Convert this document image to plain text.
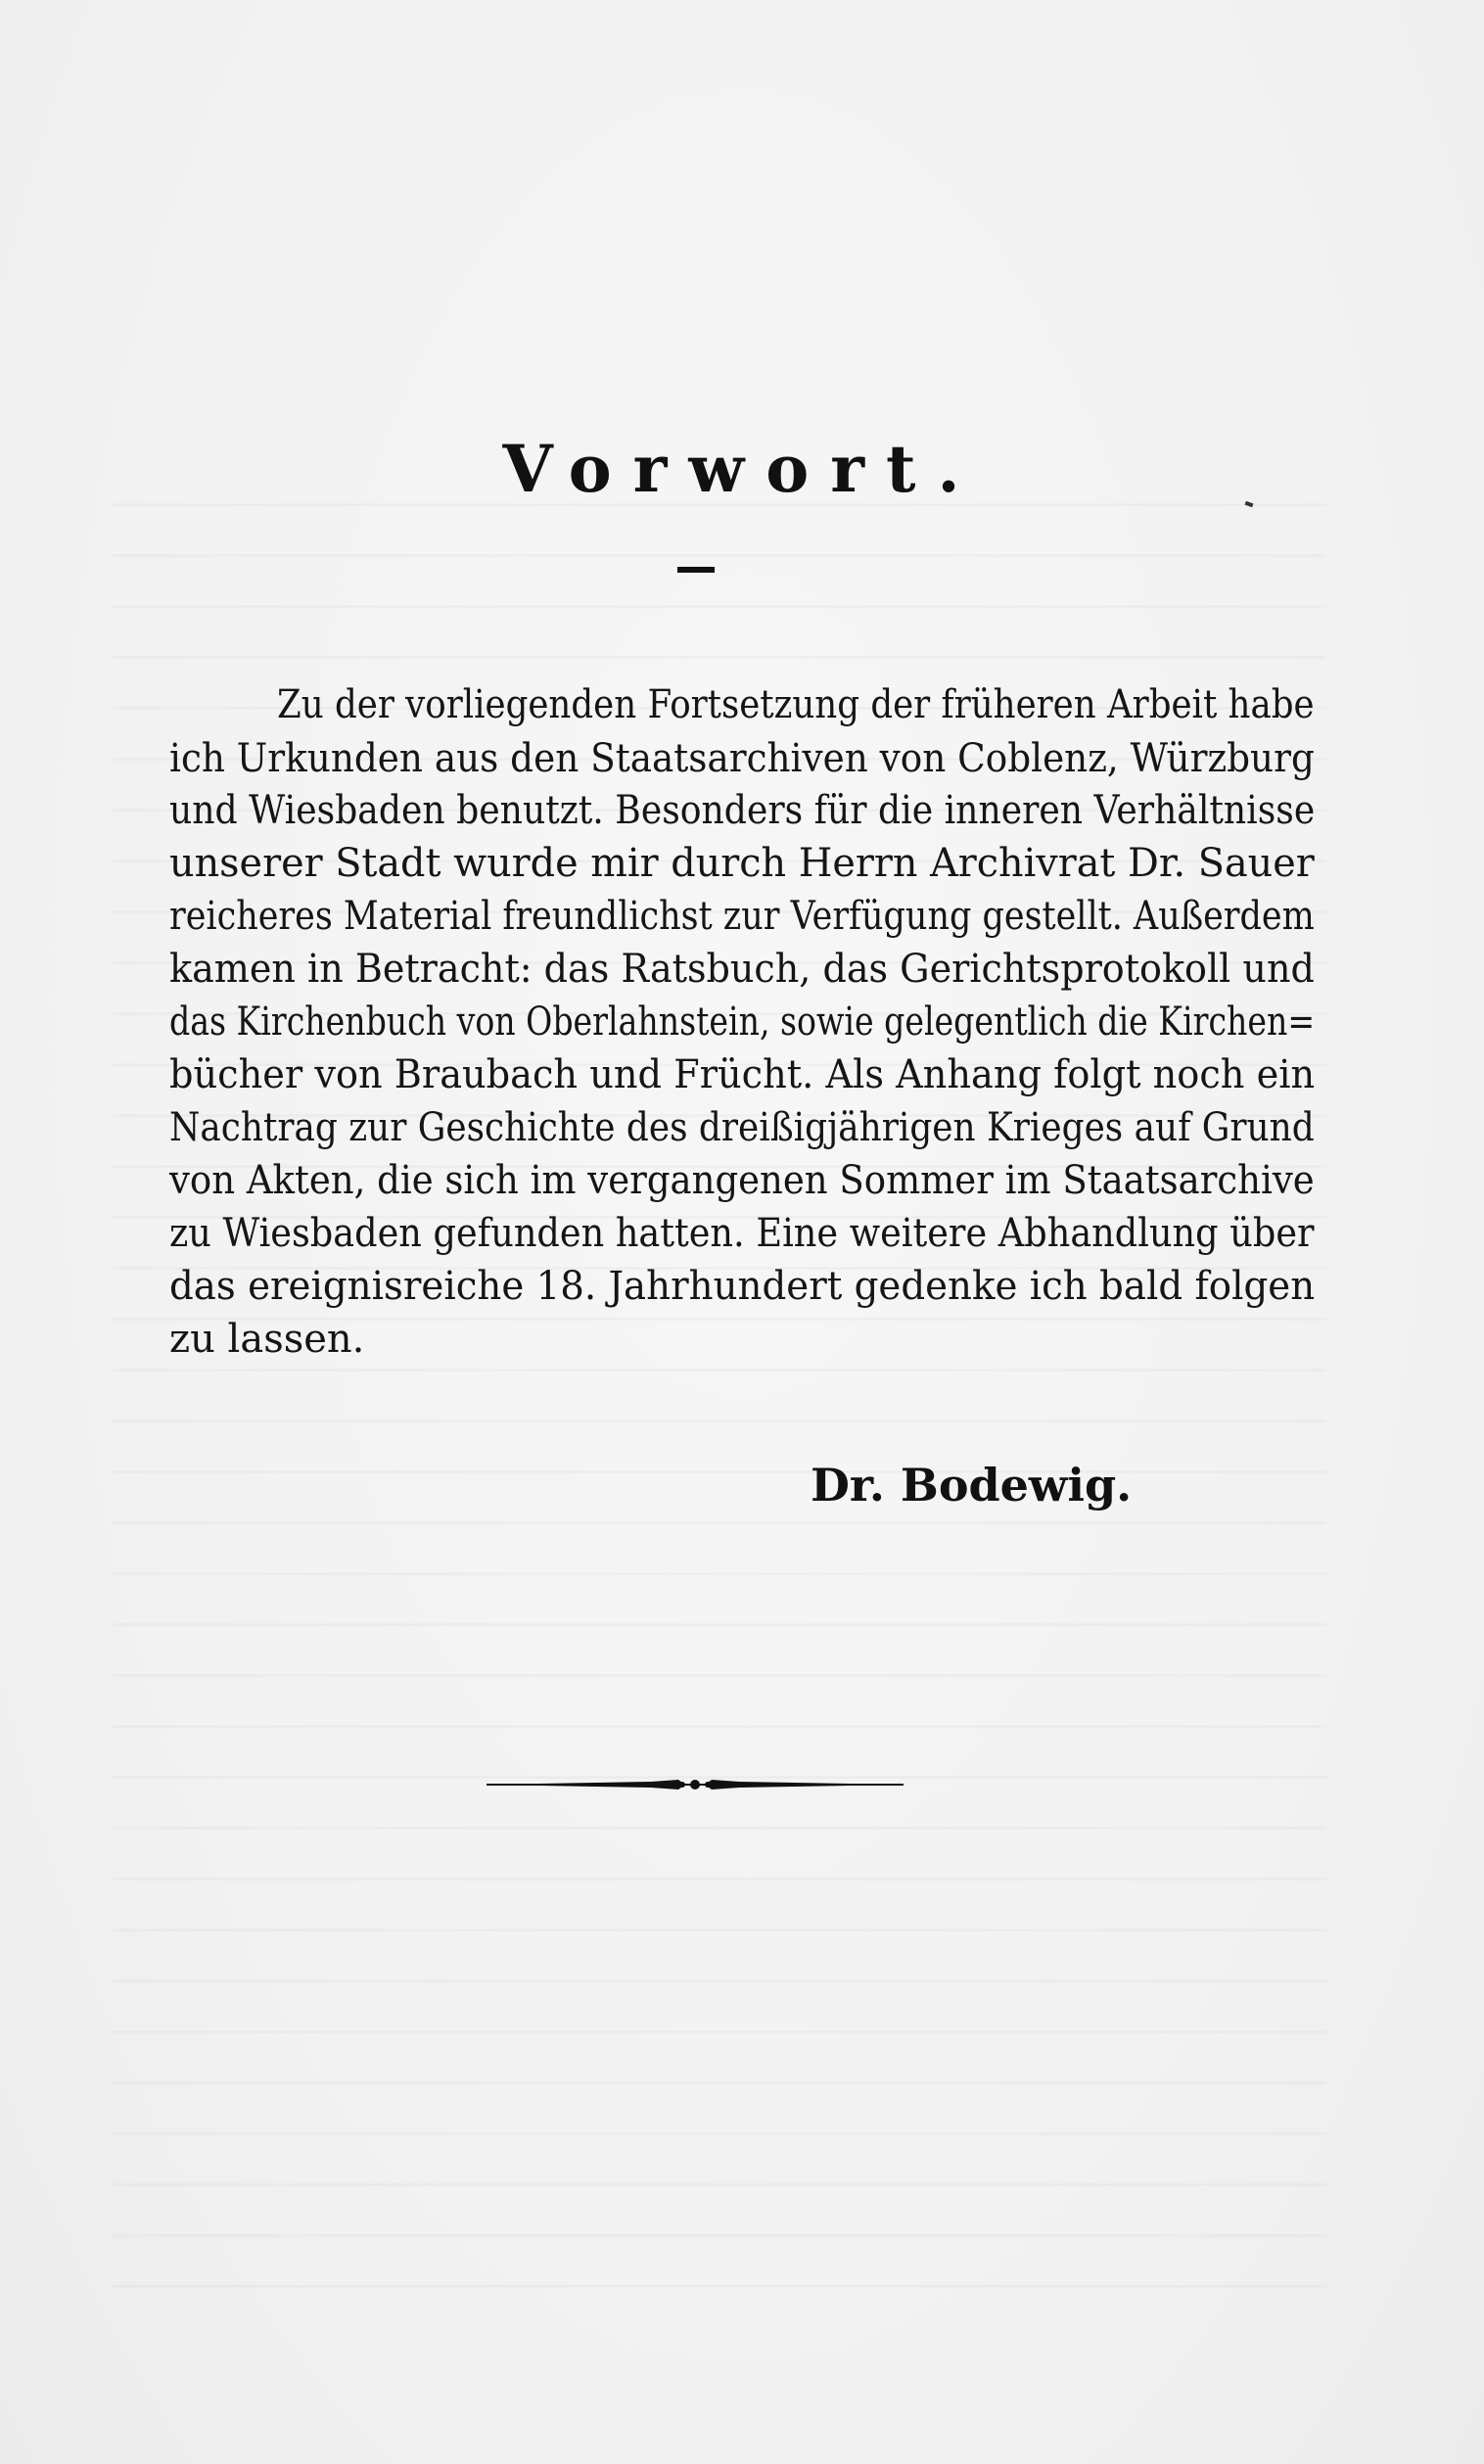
Vorwort.
Zu der vorliegenden Fortsetzung der früheren Arbeit habe
ich Urkunden aus den Staatsarchiven von Coblenz, Würzburg
und Wiesbaden benutzt. Besonders für die inneren Verhältnisse
unserer Stadt wurde mir durch Herrn Archivrat Dr. Sauer
reicheres Material freundlichst zur Verfügung gestellt. Außerdem
kamen in Betracht: das Ratsbuch, das Gerichtsprotokoll und
das Kirchenbuch von Oberlahnstein, sowie gelegentlich die Kirchen=
bücher von Braubach und Frücht. Als Anhang folgt noch ein
Nachtrag zur Geschichte des dreißigjährigen Krieges auf Grund
von Akten, die sich im vergangenen Sommer im Staatsarchive
zu Wiesbaden gefunden hatten. Eine weitere Abhandlung über
das ereignisreiche 18. Jahrhundert gedenke ich bald folgen
zu lassen.
Dr. Bodewig.
